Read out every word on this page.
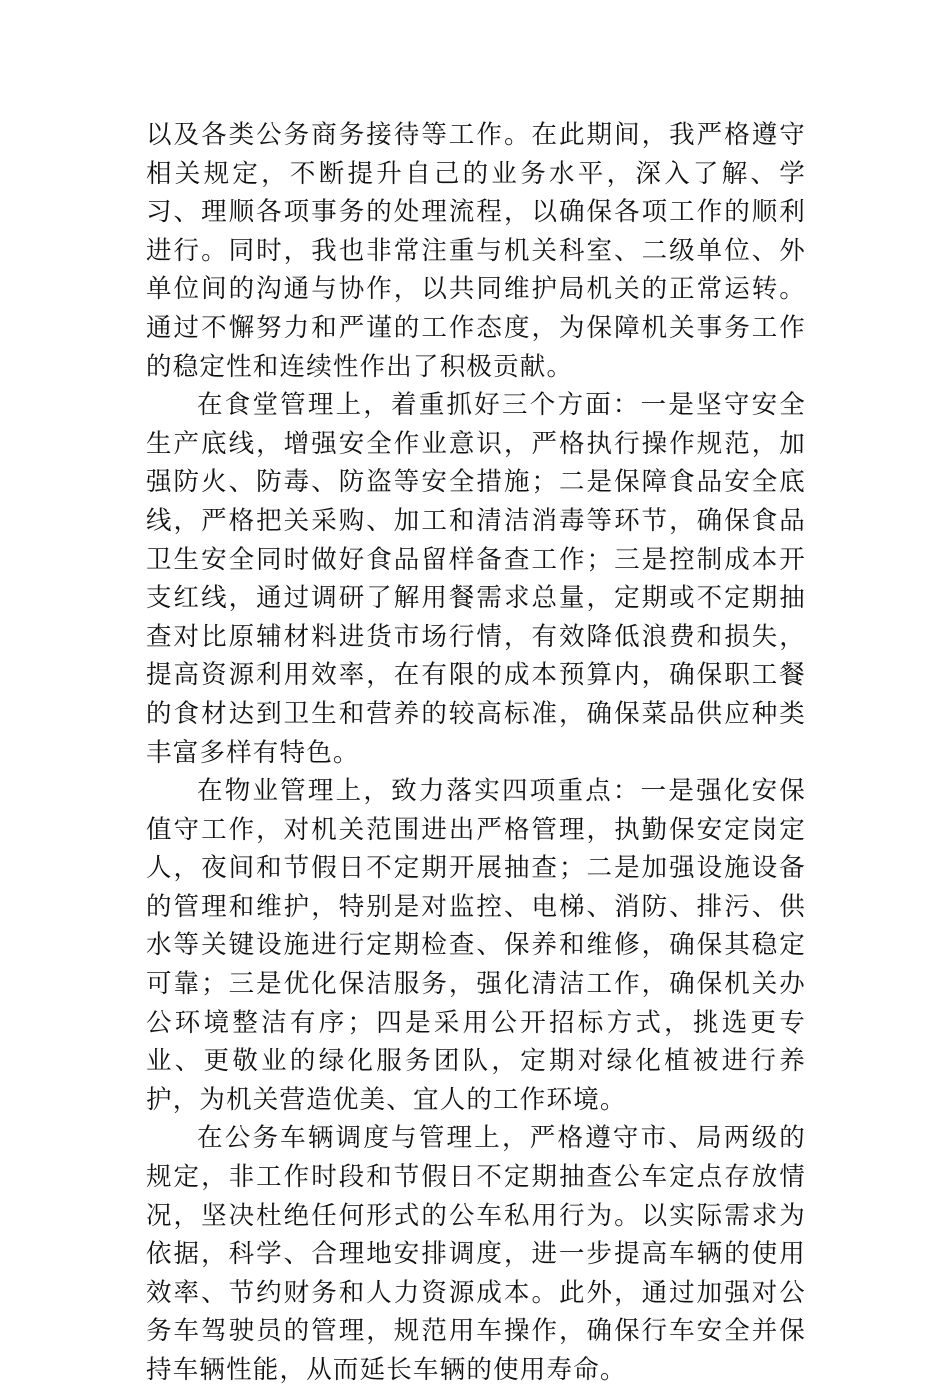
以及各类公务商务接待等工作。在此期间，我严格遵守相关规定，不断提升自己的业务水平，深入了解、学习、理顺各项事务的处理流程，以确保各项工作的顺利进行。同时，我也非常注重与机关科室、二级单位、外单位间的沟通与协作，以共同维护局机关的正常运转。通过不懈努力和严谨的工作态度，为保障机关事务工作的稳定性和连续性作出了积极贡献。

在食堂管理上，着重抓好三个方面：一是坚守安全生产底线，增强安全作业意识，严格执行操作规范，加强防火、防毒、防盗等安全措施；二是保障食品安全底线，严格把关采购、加工和清洁消毒等环节，确保食品卫生安全同时做好食品留样备查工作；三是控制成本开支红线，通过调研了解用餐需求总量，定期或不定期抽查对比原辅材料进货市场行情，有效降低浪费和损失，提高资源利用效率，在有限的成本预算内，确保职工餐的食材达到卫生和营养的较高标准，确保菜品供应种类丰富多样有特色。

在物业管理上，致力落实四项重点：一是强化安保值守工作，对机关范围进出严格管理，执勤保安定岗定人，夜间和节假日不定期开展抽查；二是加强设施设备的管理和维护，特别是对监控、电梯、消防、排污、供水等关键设施进行定期检查、保养和维修，确保其稳定可靠；三是优化保洁服务，强化清洁工作，确保机关办公环境整洁有序；四是采用公开招标方式，挑选更专业、更敬业的绿化服务团队，定期对绿化植被进行养护，为机关营造优美、宜人的工作环境。

在公务车辆调度与管理上，严格遵守市、局两级的规定，非工作时段和节假日不定期抽查公车定点存放情况，坚决杜绝任何形式的公车私用行为。以实际需求为依据，科学、合理地安排调度，进一步提高车辆的使用效率、节约财务和人力资源成本。此外，通过加强对公务车驾驶员的管理，规范用车操作，确保行车安全并保持车辆性能，从而延长车辆的使用寿命。
